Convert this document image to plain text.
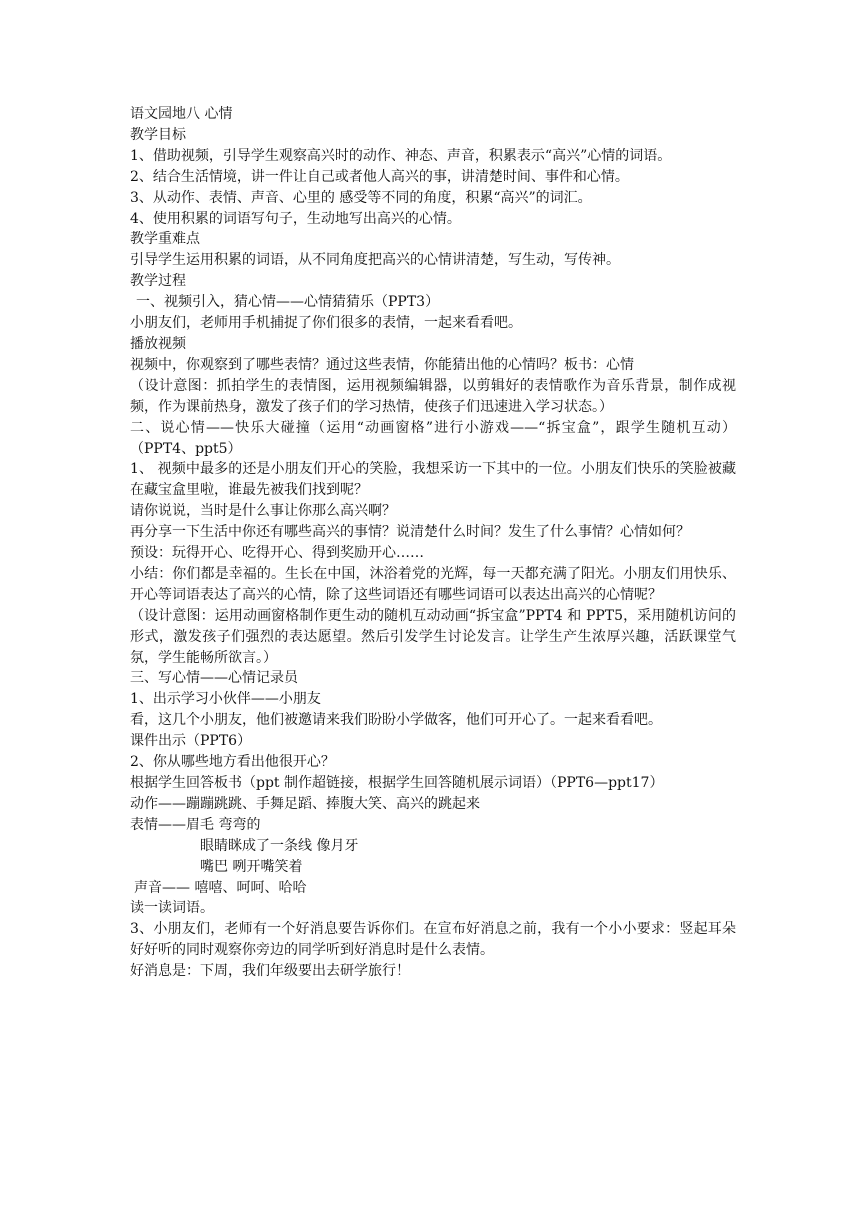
语文园地八 心情
教学目标
1、借助视频，引导学生观察高兴时的动作、神态、声音，积累表示“高兴”心情的词语。
2、结合生活情境，讲一件让自己或者他人高兴的事，讲清楚时间、事件和心情。
3、从动作、表情、声音、心里的 感受等不同的角度，积累“高兴”的词汇。
4、使用积累的词语写句子，生动地写出高兴的心情。
教学重难点
引导学生运用积累的词语，从不同角度把高兴的心情讲清楚，写生动，写传神。
教学过程
一、视频引入，猜心情——心情猜猜乐（PPT3）
小朋友们，老师用手机捕捉了你们很多的表情，一起来看看吧。
播放视频
视频中，你观察到了哪些表情？通过这些表情，你能猜出他的心情吗？板书：心情
（设计意图：抓拍学生的表情图，运用视频编辑器，以剪辑好的表情歌作为音乐背景，制作成视频，作为课前热身，激发了孩子们的学习热情，使孩子们迅速进入学习状态。）
二、说心情——快乐大碰撞（运用“动画窗格”进行小游戏——“拆宝盒”，跟学生随机互动）（PPT4、ppt5）
1、 视频中最多的还是小朋友们开心的笑脸，我想采访一下其中的一位。小朋友们快乐的笑脸被藏在藏宝盒里啦，谁最先被我们找到呢？
请你说说，当时是什么事让你那么高兴啊？
再分享一下生活中你还有哪些高兴的事情？说清楚什么时间？发生了什么事情？心情如何？
预设：玩得开心、吃得开心、得到奖励开心……
小结：你们都是幸福的。生长在中国，沐浴着党的光辉，每一天都充满了阳光。小朋友们用快乐、开心等词语表达了高兴的心情，除了这些词语还有哪些词语可以表达出高兴的心情呢？
（设计意图：运用动画窗格制作更生动的随机互动动画“拆宝盒”PPT4 和 PPT5，采用随机访问的形式，激发孩子们强烈的表达愿望。然后引发学生讨论发言。让学生产生浓厚兴趣，活跃课堂气氛，学生能畅所欲言。）
三、写心情——心情记录员
1、出示学习小伙伴——小朋友
看，这几个小朋友，他们被邀请来我们盼盼小学做客，他们可开心了。一起来看看吧。
课件出示（PPT6）
2、你从哪些地方看出他很开心？
根据学生回答板书（ppt 制作超链接，根据学生回答随机展示词语）（PPT6—ppt17）
动作——蹦蹦跳跳、手舞足蹈、捧腹大笑、高兴的跳起来
表情——眉毛 弯弯的
眼睛眯成了一条线 像月牙
嘴巴 咧开嘴笑着
声音—— 嘻嘻、呵呵、哈哈
读一读词语。
3、小朋友们，老师有一个好消息要告诉你们。在宣布好消息之前，我有一个小小要求：竖起耳朵好好听的同时观察你旁边的同学听到好消息时是什么表情。
好消息是：下周，我们年级要出去研学旅行！
